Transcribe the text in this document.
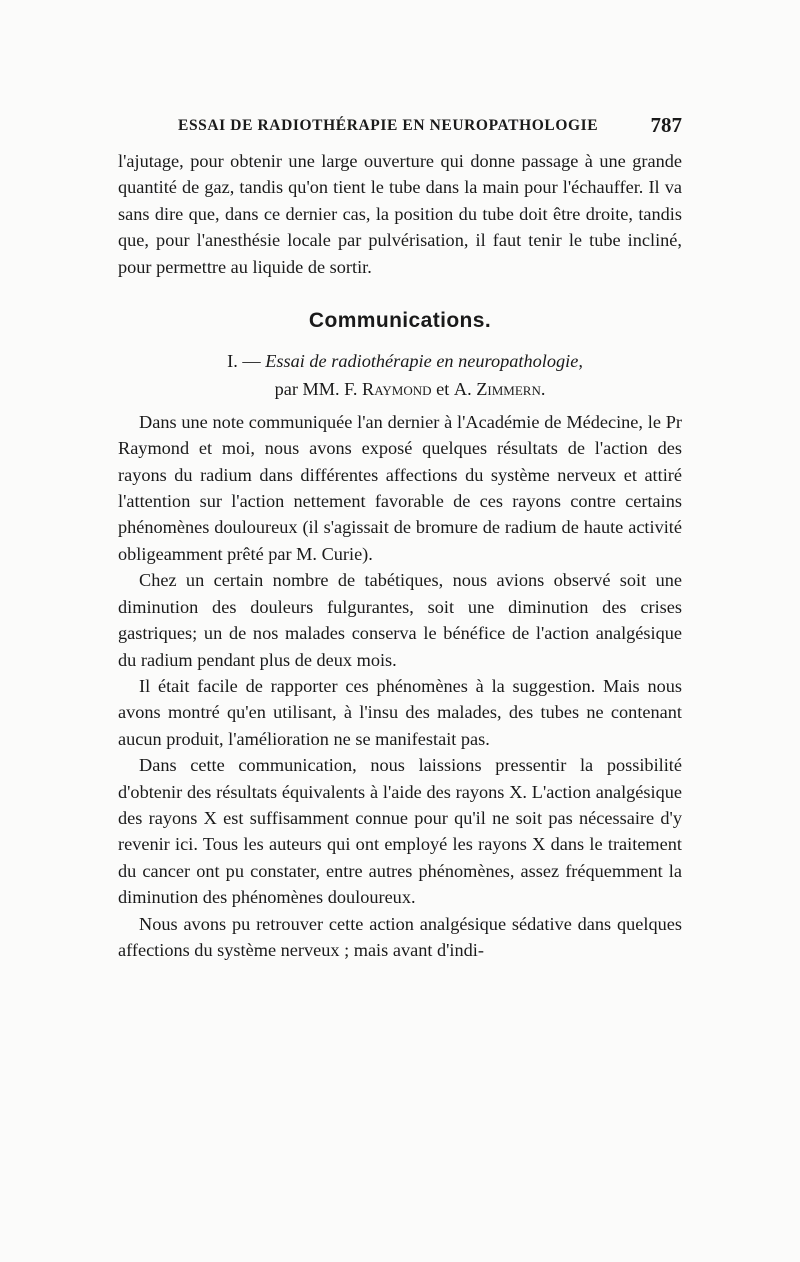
ESSAI DE RADIOTHÉRAPIE EN NEUROPATHOLOGIE 787

l'ajutage, pour obtenir une large ouverture qui donne passage à une grande quantité de gaz, tandis qu'on tient le tube dans la main pour l'échauffer. Il va sans dire que, dans ce dernier cas, la position du tube doit être droite, tandis que, pour l'anesthésie locale par pulvérisation, il faut tenir le tube incliné, pour permettre au liquide de sortir.

Communications.

I. — Essai de radiothérapie en neuropathologie,

par MM. F. Raymond et A. Zimmern.

Dans une note communiquée l'an dernier à l'Académie de Médecine, le Pr Raymond et moi, nous avons exposé quelques résultats de l'action des rayons du radium dans différentes affections du système nerveux et attiré l'attention sur l'action nettement favorable de ces rayons contre certains phénomènes douloureux (il s'agissait de bromure de radium de haute activité obligeamment prêté par M. Curie).

Chez un certain nombre de tabétiques, nous avions observé soit une diminution des douleurs fulgurantes, soit une diminution des crises gastriques; un de nos malades conserva le bénéfice de l'action analgésique du radium pendant plus de deux mois.

Il était facile de rapporter ces phénomènes à la suggestion. Mais nous avons montré qu'en utilisant, à l'insu des malades, des tubes ne contenant aucun produit, l'amélioration ne se manifestait pas.

Dans cette communication, nous laissions pressentir la possibilité d'obtenir des résultats équivalents à l'aide des rayons X. L'action analgésique des rayons X est suffisamment connue pour qu'il ne soit pas nécessaire d'y revenir ici. Tous les auteurs qui ont employé les rayons X dans le traitement du cancer ont pu constater, entre autres phénomènes, assez fréquemment la diminution des phénomènes douloureux.

Nous avons pu retrouver cette action analgésique sédative dans quelques affections du système nerveux ; mais avant d'indi-
